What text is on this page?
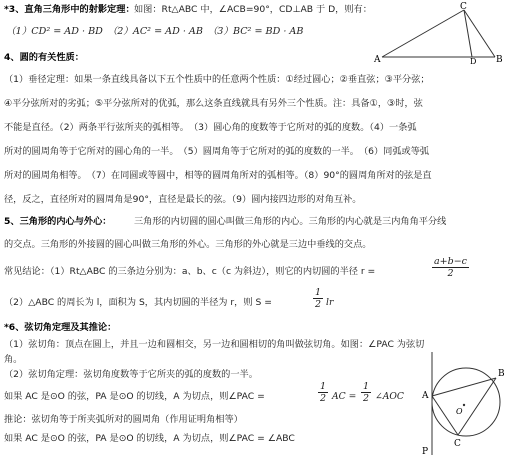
*3、直角三角形中的射影定理： 如图：Rt△ABC 中，∠ACB=90°，CD⊥AB 于 D，则有：
（1）CD² = AD · BD　（2）AC² = AD · AB　（3）BC² = BD · AB
A	B
C
D
4、圆的有关性质：
（1）垂径定理：如果一条直线具备以下五个性质中的任意两个性质：①经过圆心；②垂直弦；③平分弦；
④平分弦所对的劣弧；⑤平分弦所对的优弧，那么这条直线就具有另外三个性质。注：具备①，③时，弦
不能是直径。（2）两条平行弦所夹的弧相等。　（3）圆心角的度数等于它所对的弧的度数。（4）一条弧
所对的圆周角等于它所对的圆心角的一半。　（5）圆周角等于它所对的弧的度数的一半。　（6）同弧或等弧
所对的圆周角相等。　（7）在同圆或等圆中，相等的圆周角所对的弧相等。（8）90°的圆周角所对的弦是直
径，反之，直径所对的圆周角是90°，直径是最长的弦。（9）圆内接四边形的对角互补。
5、三角形的内心与外心： 三角形的内切圆的圆心叫做三角形的内心。三角形的内心就是三内角角平分线
的交点。三角形的外接圆的圆心叫做三角形的外心。三角形的外心就是三边中垂线的交点。
常见结论：（1）Rt△ABC 的三条边分别为：a、b、c（c 为斜边），则它的内切圆的半径 r =	$\frac{a+b-c}{2}$
（2）△ABC 的周长为 l，面积为 S，其内切圆的半径为 r，则 S =	$\frac{1}{2}$ lr
*6、弦切角定理及其推论：
（1）弦切角：顶点在圆上，并且一边和圆相交，另一边和圆相切的角叫做弦切角。如图：∠PAC 为弦切
角。
（2）弦切角定理：弦切角度数等于它所夹的弧的度数的一半。
如果 AC 是⊙O 的弦，PA 是⊙O 的切线，A 为切点，则∠PAC =	$\frac{1}{2}$ AC = $\frac{1}{2}$ ∠AOC
推论：弦切角等于所夹弧所对的圆周角（作用证明角相等）
如果 AC 是⊙O 的弦，PA 是⊙O 的切线，A 为切点，则∠PAC = ∠ABC
A
B
C
O
P
